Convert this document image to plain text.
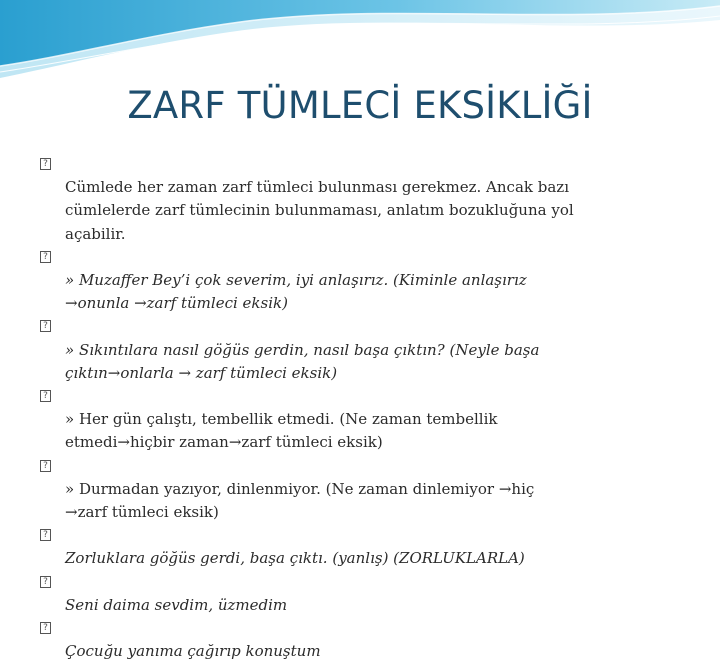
ZARF TÜMLECİ EKSİKLİĞİ

?
Cümlede her zaman zarf tümleci bulunması gerekmez. Ancak bazı
cümlelerde zarf tümlecinin bulunmaması, anlatım bozukluğuna yol
açabilir.

?
» Muzaffer Bey’i çok severim, iyi anlaşırız. (Kiminle anlaşırız
→onunla →zarf tümleci eksik)

?
» Sıkıntılara nasıl göğüs gerdin, nasıl başa çıktın? (Neyle başa
çıktın→onlarla → zarf tümleci eksik)

?
» Her gün çalıştı, tembellik etmedi. (Ne zaman tembellik
etmedi→hiçbir zaman→zarf tümleci eksik)

?
» Durmadan yazıyor, dinlenmiyor. (Ne zaman dinlemiyor →hiç
→zarf tümleci eksik)

?
Zorluklara göğüs gerdi, başa çıktı. (yanlış) (ZORLUKLARLA)

?
Seni daima sevdim, üzmedim

?
Çocuğu yanıma çağırıp konuştum
